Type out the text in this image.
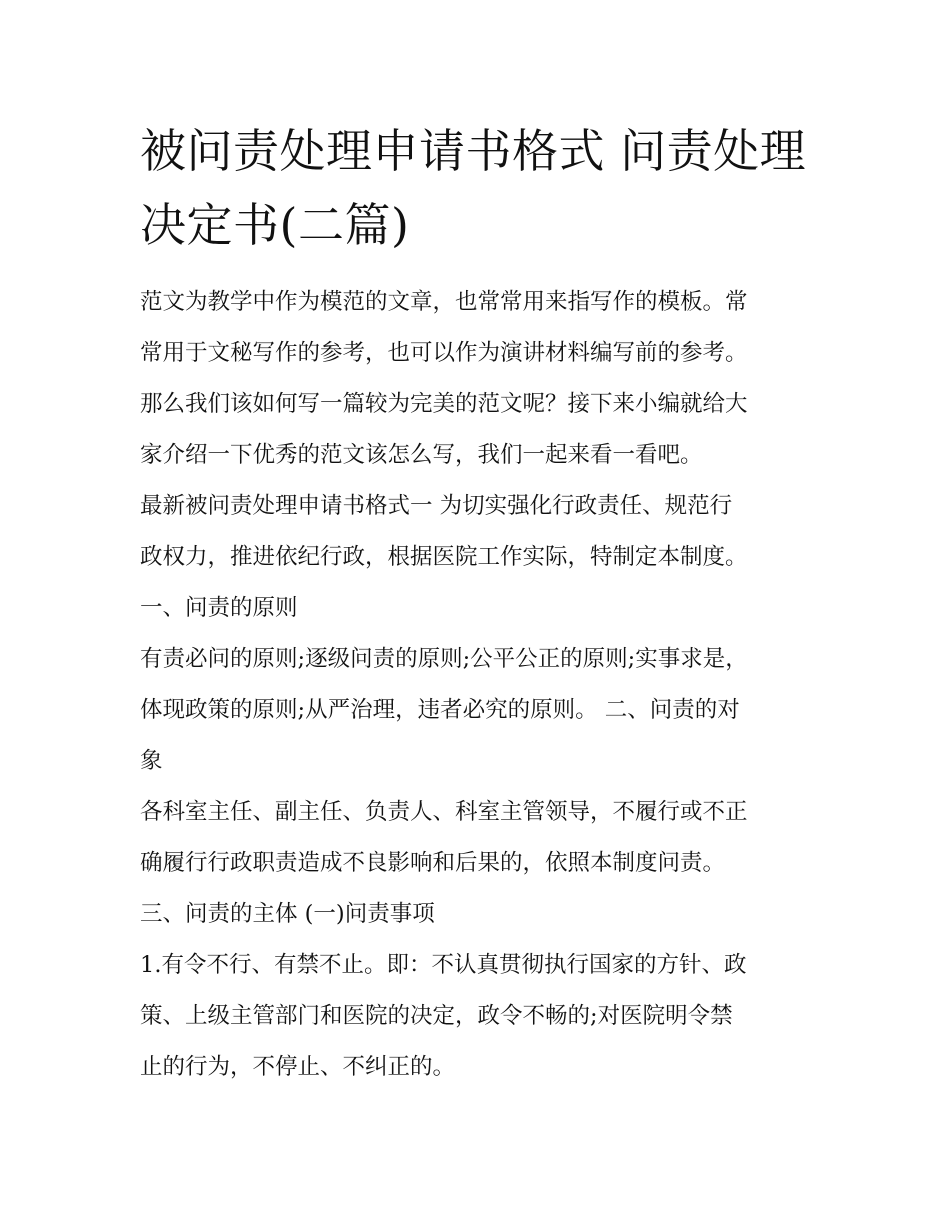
被问责处理申请书格式 问责处理决定书(二篇)

范文为教学中作为模范的文章，也常常用来指写作的模板。常
常用于文秘写作的参考，也可以作为演讲材料编写前的参考。
那么我们该如何写一篇较为完美的范文呢？接下来小编就给大
家介绍一下优秀的范文该怎么写，我们一起来看一看吧。

最新被问责处理申请书格式一 为切实强化行政责任、规范行
政权力，推进依纪行政，根据医院工作实际，特制定本制度。

一、问责的原则

有责必问的原则;逐级问责的原则;公平公正的原则;实事求是，
体现政策的原则;从严治理，违者必究的原则。 二、问责的对
象

各科室主任、副主任、负责人、科室主管领导，不履行或不正
确履行行政职责造成不良影响和后果的，依照本制度问责。

三、问责的主体 (一)问责事项

1.有令不行、有禁不止。即：不认真贯彻执行国家的方针、政
策、上级主管部门和医院的决定，政令不畅的;对医院明令禁
止的行为，不停止、不纠正的。
